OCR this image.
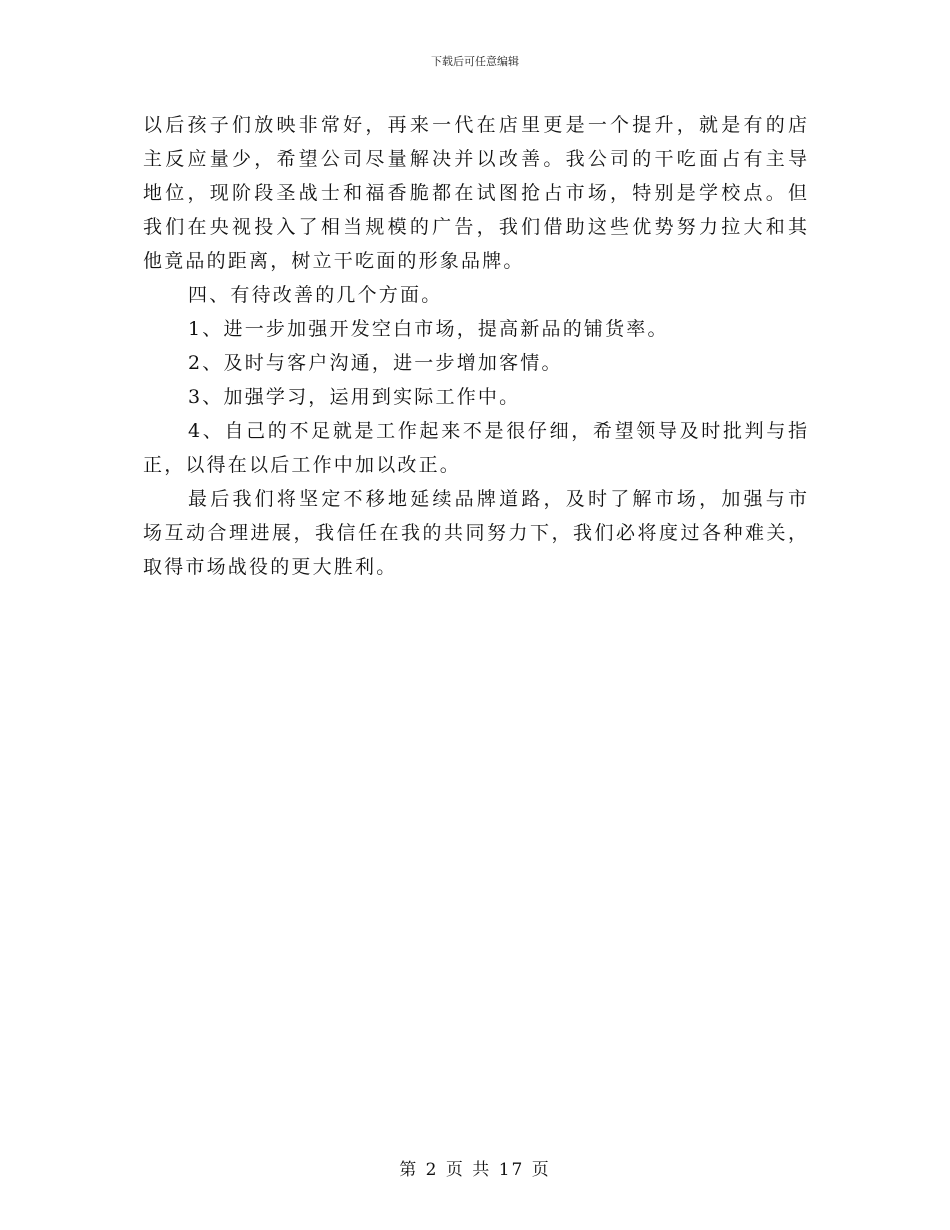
下载后可任意编辑
以后孩子们放映非常好，再来一代在店里更是一个提升，就是有的店
主反应量少，希望公司尽量解决并以改善。我公司的干吃面占有主导
地位，现阶段圣战士和福香脆都在试图抢占市场，特别是学校点。但
我们在央视投入了相当规模的广告，我们借助这些优势努力拉大和其
他竟品的距离，树立干吃面的形象品牌。
四、有待改善的几个方面。
1、进一步加强开发空白市场，提高新品的铺货率。
2、及时与客户沟通，进一步增加客情。
3、加强学习，运用到实际工作中。
4、自己的不足就是工作起来不是很仔细，希望领导及时批判与指
正，以得在以后工作中加以改正。
最后我们将坚定不移地延续品牌道路，及时了解市场，加强与市
场互动合理进展，我信任在我的共同努力下，我们必将度过各种难关，
取得市场战役的更大胜利。
第 2 页 共 17 页
